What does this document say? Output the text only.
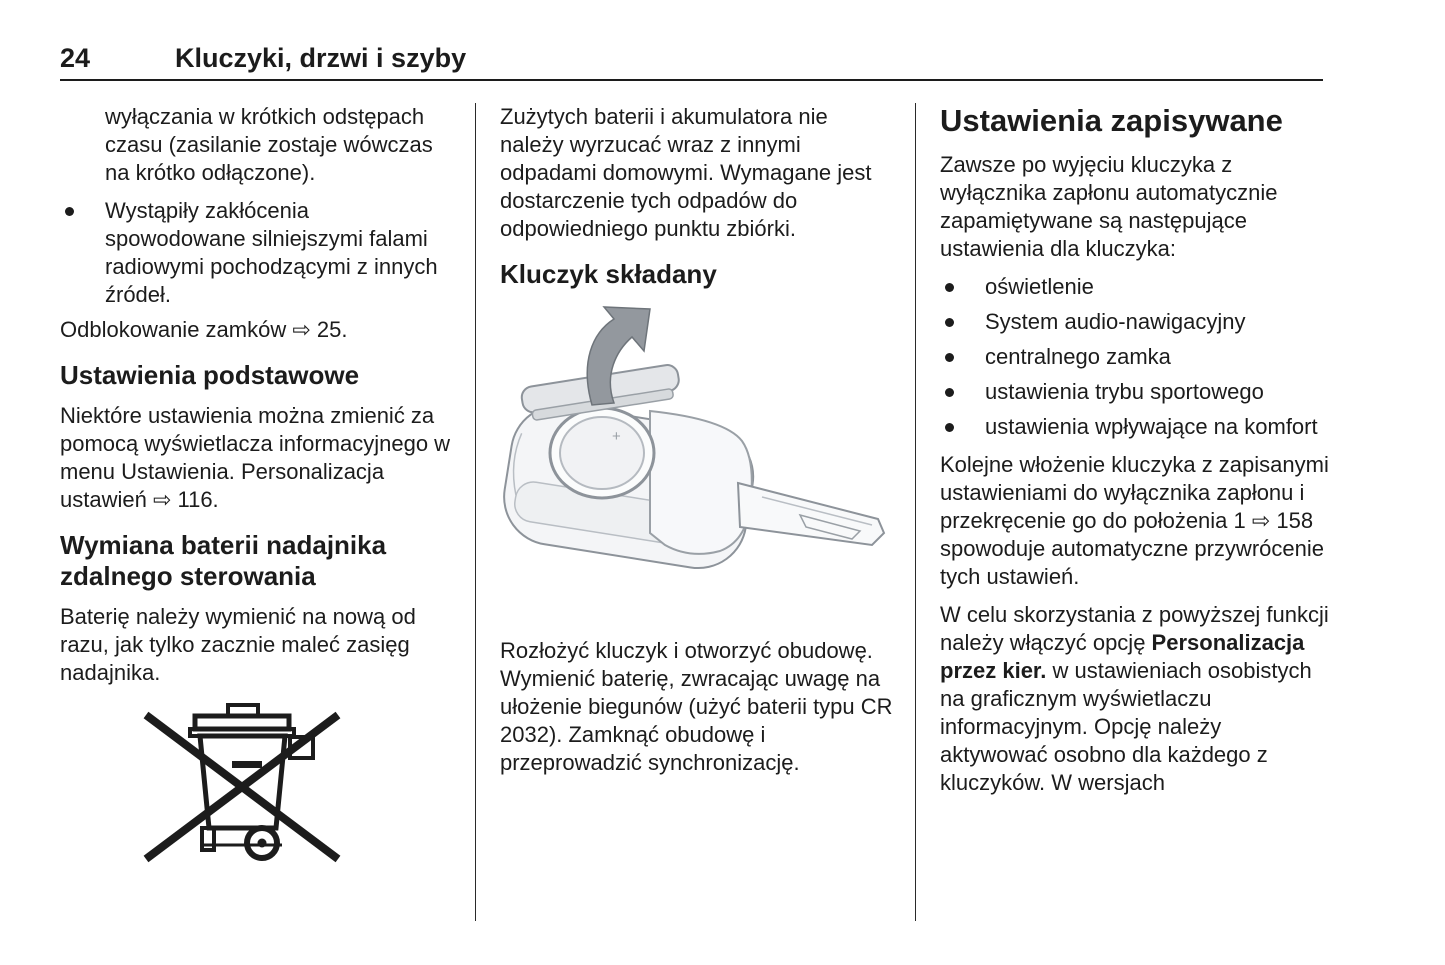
24	Kluczyki, drzwi i szyby

wyłączania w krótkich odstępach czasu (zasilanie zostaje wówczas na krótko odłączone).

Wystąpiły zakłócenia spowodowane silniejszymi falami radiowymi pochodzącymi z innych źródeł.

Odblokowanie zamków ⇨ 25.

Ustawienia podstawowe

Niektóre ustawienia można zmienić za pomocą wyświetlacza informacyjnego w menu Ustawienia. Personalizacja ustawień ⇨ 116.

Wymiana baterii nadajnika zdalnego sterowania

Baterię należy wymienić na nową od razu, jak tylko zacznie maleć zasięg nadajnika.

Zużytych baterii i akumulatora nie należy wyrzucać wraz z innymi odpadami domowymi. Wymagane jest dostarczenie tych odpadów do odpowiedniego punktu zbiórki.

Kluczyk składany
+

Rozłożyć kluczyk i otworzyć obudowę. Wymienić baterię, zwracając uwagę na ułożenie biegunów (użyć baterii typu CR 2032). Zamknąć obudowę i przeprowadzić synchronizację.

Ustawienia zapisywane

Zawsze po wyjęciu kluczyka z wyłącznika zapłonu automatycznie zapamiętywane są następujące ustawienia dla kluczyka:

oświetlenie
System audio-nawigacyjny
centralnego zamka
ustawienia trybu sportowego
ustawienia wpływające na komfort

Kolejne włożenie kluczyka z zapisanymi ustawieniami do wyłącznika zapłonu i przekręcenie go do położenia 1 ⇨ 158 spowoduje automatyczne przywrócenie tych ustawień.

W celu skorzystania z powyższej funkcji należy włączyć opcję Personalizacja przez kier. w ustawieniach osobistych na graficznym wyświetlaczu informacyjnym. Opcję należy aktywować osobno dla każdego z kluczyków. W wersjach
